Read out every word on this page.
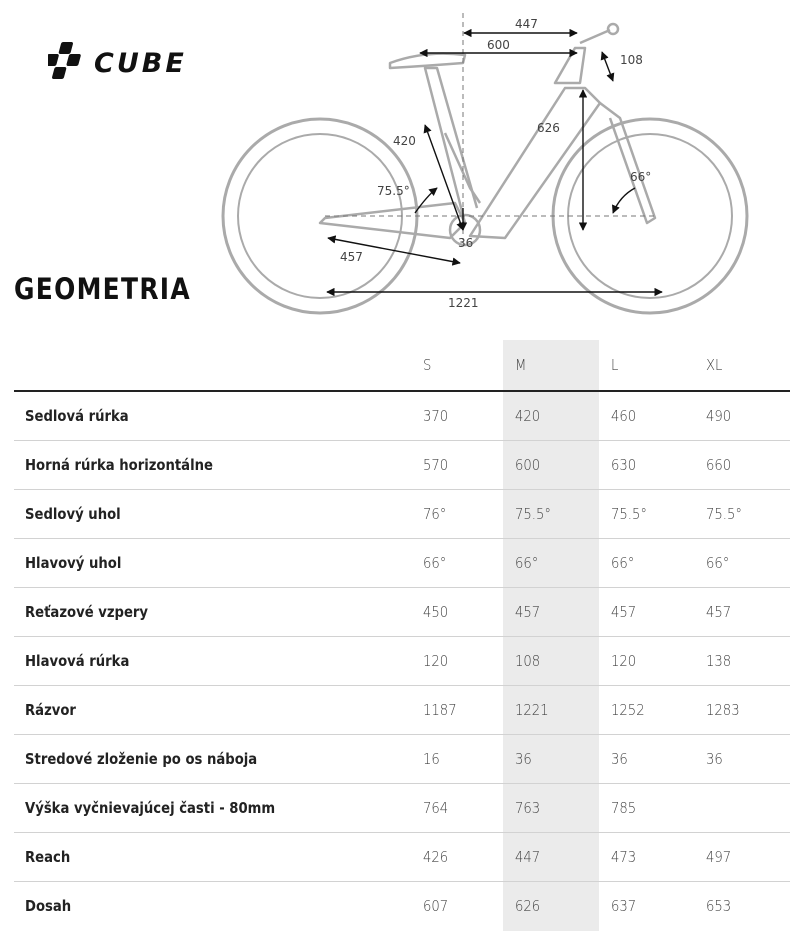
CUBE
447
600
108
626
420
75.5°
66°
36
457
1221
GEOMETRIA
S	M	L	XL
Sedlová rúrka	370	420	460	490
Horná rúrka horizontálne	570	600	630	660
Sedlový uhol	76°	75.5°	75.5°	75.5°
Hlavový uhol	66°	66°	66°	66°
Reťazové vzpery	450	457	457	457
Hlavová rúrka	120	108	120	138
Rázvor	1187	1221	1252	1283
Stredové zloženie po os náboja	16	36	36	36
Výška vyčnievajúcej časti - 80mm	764	763	785
Reach	426	447	473	497
Dosah	607	626	637	653
